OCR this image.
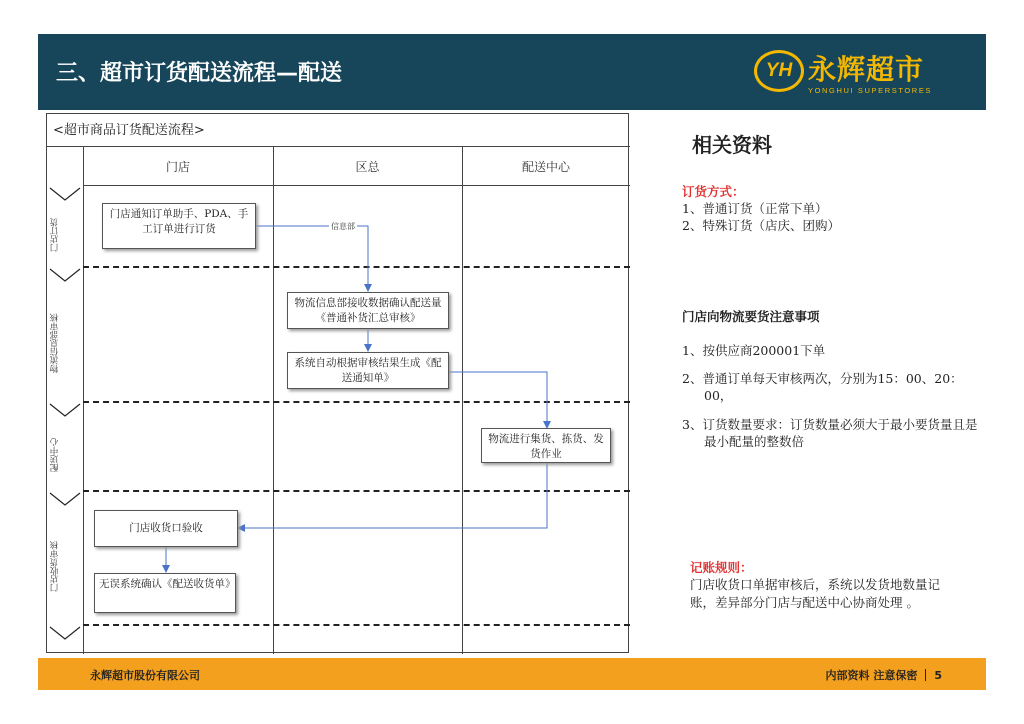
三、超市订货配送流程—配送	YH 永辉超市
YONGHUI SUPERSTORES
<超市商品订货配送流程>
门店	区总	配送中心
信息部
门店订货
物流信息部审核
配送中心
门店收货审核
门店通知订单助手、PDA、手工订单进行订货
物流信息部接收数据确认配送量《普通补货汇总审核》
系统自动根据审核结果生成《配送通知单》
物流进行集货、拣货、发货作业
门店收货口验收
无误系统确认《配送收货单》
相关资料
订货方式：
1、普通订货（正常下单）
2、特殊订货（店庆、团购）
门店向物流要货注意事项
1、按供应商200001下单
2、普通订单每天审核两次，分别为15：00、20：00，
3、订货数量要求：订货数量必须大于最小要货量且是最小配量的整数倍
记账规则：
门店收货口单据审核后，系统以发货地数量记账，差异部分门店与配送中心协商处理 。
永辉超市股份有限公司	内部资料 注意保密 5
